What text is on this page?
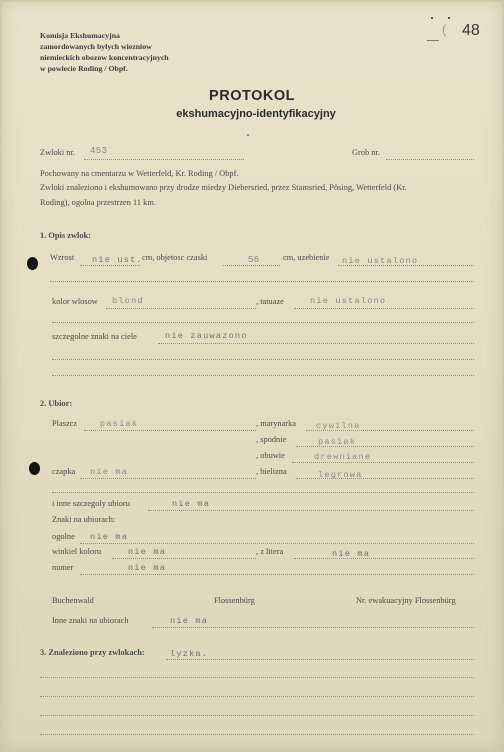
( 48
Komisja Ekshumacyjna
zamordowanych bylych wiezniow
niemieckich obozow koncentracyjnych
w powiecie Roding / Obpf.
PROTOKOL
ekshumacyjno-identyfikacyjny
Zwloki nr. 453	Grob nr.
Pochowany na cmentarzu w Wetterfeld, Kr. Roding / Obpf.
Zwloki znaleziono i ekshumowano przy drodze miedzy Diebersried, przez Stamsried, Pösing, Wetterfeld (Kr.
Roding), ogolna przestrzen 11 km.
1. Opis zwlok:
Wzrost nie ust. cm, objetosc czaski	56	cm, uzebienie nie ustalono
kolor wlosow blond	, tatuaze	nie ustalono
szczegolne znaki na ciele	nie zauwazono
2. Ubior:
Plaszcz	pasiak	, marynarka cywilna
, spodnie	pasiak
, obuwie	drewniane
czapka nie ma	, bielizna	legrowa
i inne szczegoly ubioru	nie ma
Znaki na ubiorach:
ogolne nie ma
winkiel koloru	nie ma	, z litera	nie ma
numer	nie ma
Buchenwald	Flossenbürg	Nr. ewakuacyjny Flossenbürg
Inne znaki na ubiorach	nie ma
3. Znaleziono przy zwlokach:	lyzka.
